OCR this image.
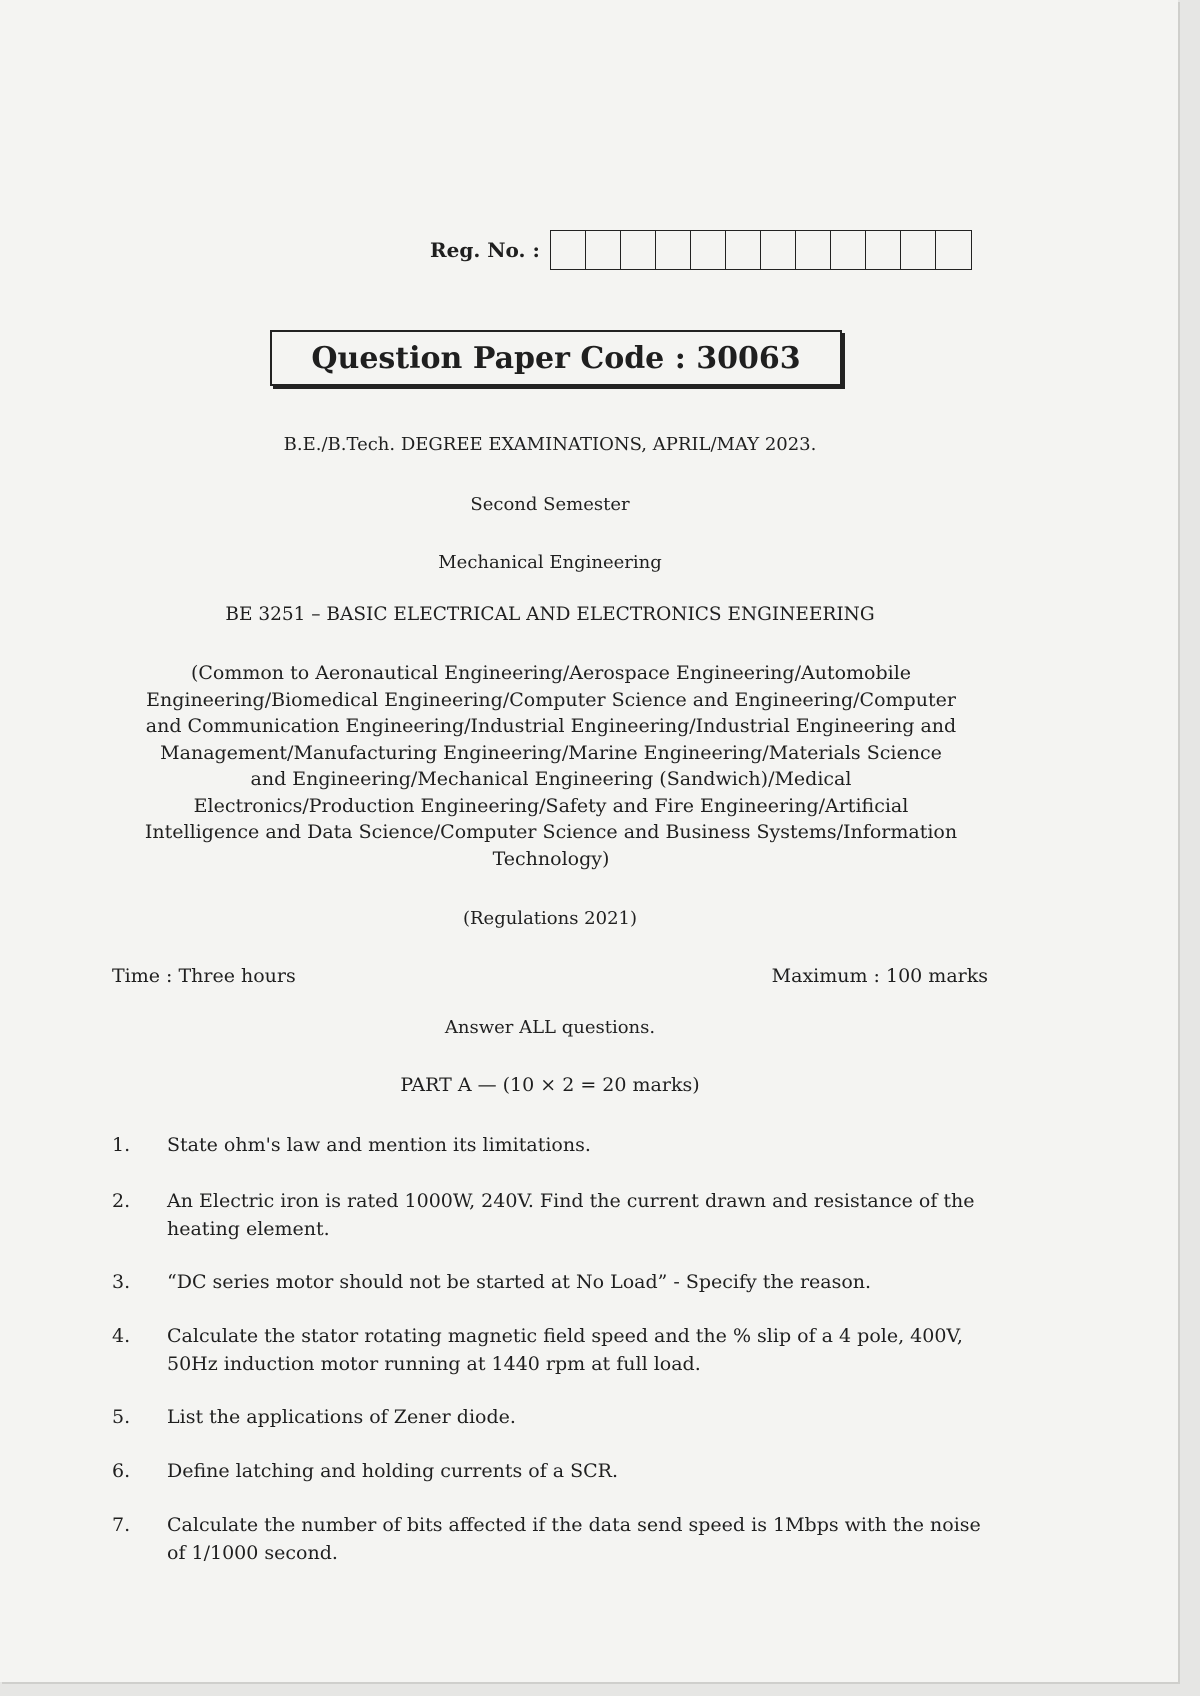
Reg. No. :
Question Paper Code : 30063
B.E./B.Tech. DEGREE EXAMINATIONS, APRIL/MAY 2023.
Second Semester
Mechanical Engineering
BE 3251 – BASIC ELECTRICAL AND ELECTRONICS ENGINEERING
(Common to Aeronautical Engineering/Aerospace Engineering/Automobile
Engineering/Biomedical Engineering/Computer Science and Engineering/Computer
and Communication Engineering/Industrial Engineering/Industrial Engineering and
Management/Manufacturing Engineering/Marine Engineering/Materials Science
and Engineering/Mechanical Engineering (Sandwich)/Medical
Electronics/Production Engineering/Safety and Fire Engineering/Artificial
Intelligence and Data Science/Computer Science and Business Systems/Information
Technology)
(Regulations 2021)
Time : Three hours	Maximum : 100 marks
Answer ALL questions.
PART A — (10 × 2 = 20 marks)
1.	State ohm's law and mention its limitations.
2.	An Electric iron is rated 1000W, 240V. Find the current drawn and resistance of the heating element.
3.	“DC series motor should not be started at No Load” - Specify the reason.
4.	Calculate the stator rotating magnetic field speed and the % slip of a 4 pole, 400V, 50Hz induction motor running at 1440 rpm at full load.
5.	List the applications of Zener diode.
6.	Define latching and holding currents of a SCR.
7.	Calculate the number of bits affected if the data send speed is 1Mbps with the noise of 1/1000 second.
